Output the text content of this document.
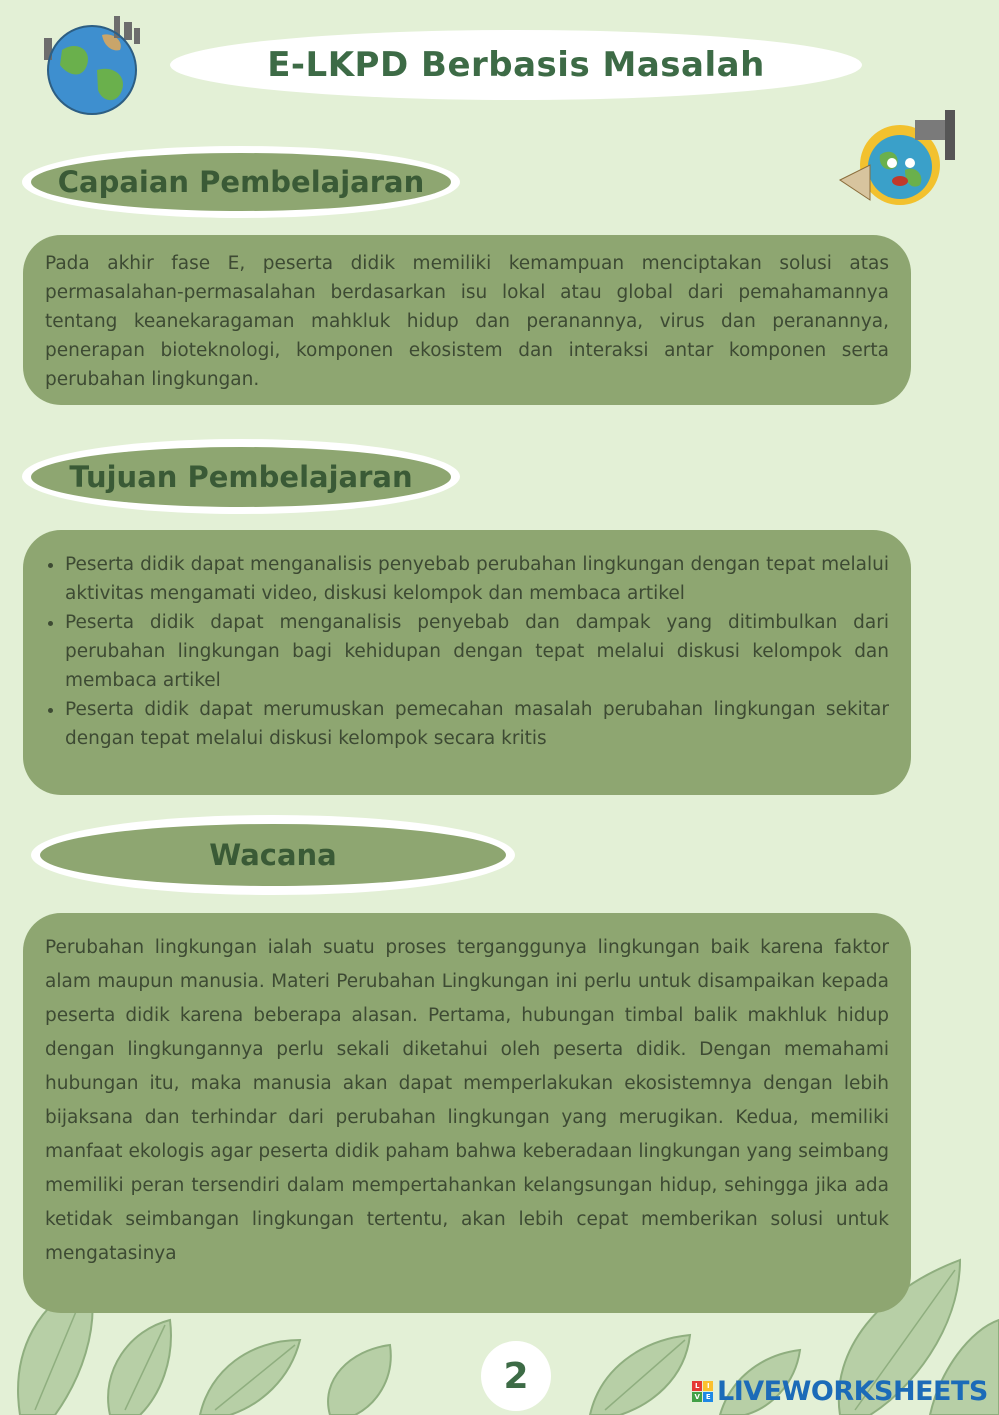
E-LKPD Berbasis Masalah
Capaian Pembelajaran

Pada akhir fase E, peserta didik memiliki kemampuan menciptakan solusi atas permasalahan-permasalahan berdasarkan isu lokal atau global dari pemahamannya tentang keanekaragaman mahkluk hidup dan peranannya, virus dan peranannya, penerapan bioteknologi, komponen ekosistem dan interaksi antar komponen serta perubahan lingkungan.

Tujuan Pembelajaran
• Peserta didik dapat menganalisis penyebab perubahan lingkungan dengan tepat melalui aktivitas mengamati video, diskusi kelompok dan membaca artikel
• Peserta didik dapat menganalisis penyebab dan dampak yang ditimbulkan dari perubahan lingkungan bagi kehidupan dengan tepat melalui diskusi kelompok dan membaca artikel
• Peserta didik dapat merumuskan pemecahan masalah perubahan lingkungan sekitar dengan tepat melalui diskusi kelompok secara kritis
Wacana

Perubahan lingkungan ialah suatu proses terganggunya lingkungan baik karena faktor alam maupun manusia. Materi Perubahan Lingkungan ini perlu untuk disampaikan kepada peserta didik karena beberapa alasan. Pertama, hubungan timbal balik makhluk hidup dengan lingkungannya perlu sekali diketahui oleh peserta didik. Dengan memahami hubungan itu, maka manusia akan dapat memperlakukan ekosistemnya dengan lebih bijaksana dan terhindar dari perubahan lingkungan yang merugikan. Kedua, memiliki manfaat ekologis agar peserta didik paham bahwa keberadaan lingkungan yang seimbang memiliki peran tersendiri dalam mempertahankan kelangsungan hidup, sehingga jika ada ketidak seimbangan lingkungan tertentu, akan lebih cepat memberikan solusi untuk mengatasinya

2	L	I
V E LIVEWORKSHEETS
